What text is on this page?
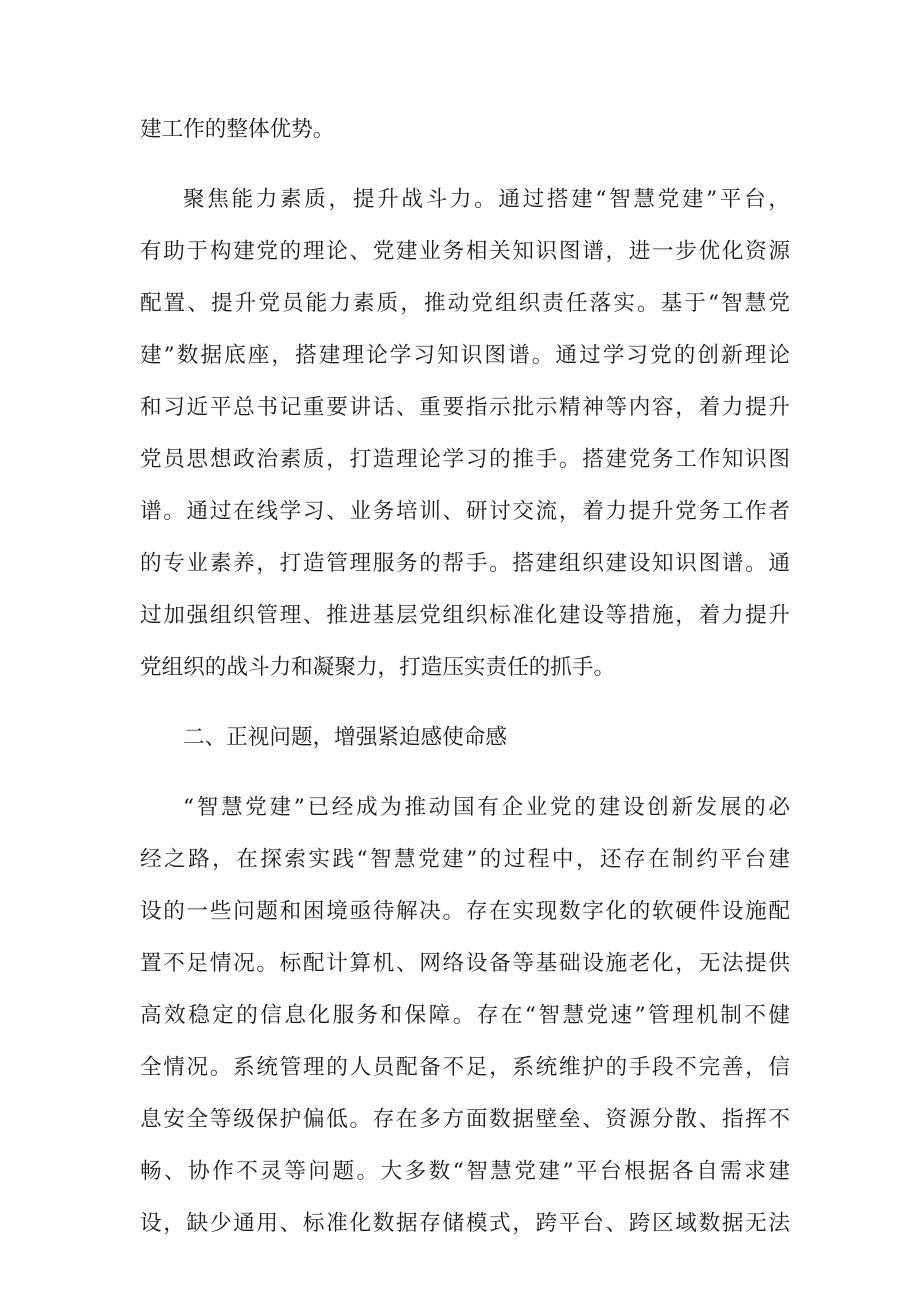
建工作的整体优势。
聚焦能力素质，提升战斗力。通过搭建“智慧党建”平台，
有助于构建党的理论、党建业务相关知识图谱，进一步优化资源
配置、提升党员能力素质，推动党组织责任落实。基于“智慧党
建”数据底座，搭建理论学习知识图谱。通过学习党的创新理论
和习近平总书记重要讲话、重要指示批示精神等内容，着力提升
党员思想政治素质，打造理论学习的推手。搭建党务工作知识图
谱。通过在线学习、业务培训、研讨交流，着力提升党务工作者
的专业素养，打造管理服务的帮手。搭建组织建设知识图谱。通
过加强组织管理、推进基层党组织标准化建设等措施，着力提升
党组织的战斗力和凝聚力，打造压实责任的抓手。
二、正视问题，增强紧迫感使命感
“智慧党建”已经成为推动国有企业党的建设创新发展的必
经之路，在探索实践“智慧党建”的过程中，还存在制约平台建
设的一些问题和困境亟待解决。存在实现数字化的软硬件设施配
置不足情况。标配计算机、网络设备等基础设施老化，无法提供
高效稳定的信息化服务和保障。存在“智慧党速”管理机制不健
全情况。系统管理的人员配备不足，系统维护的手段不完善，信
息安全等级保护偏低。存在多方面数据壁垒、资源分散、指挥不
畅、协作不灵等问题。大多数“智慧党建”平台根据各自需求建
设，缺少通用、标准化数据存储模式，跨平台、跨区域数据无法
